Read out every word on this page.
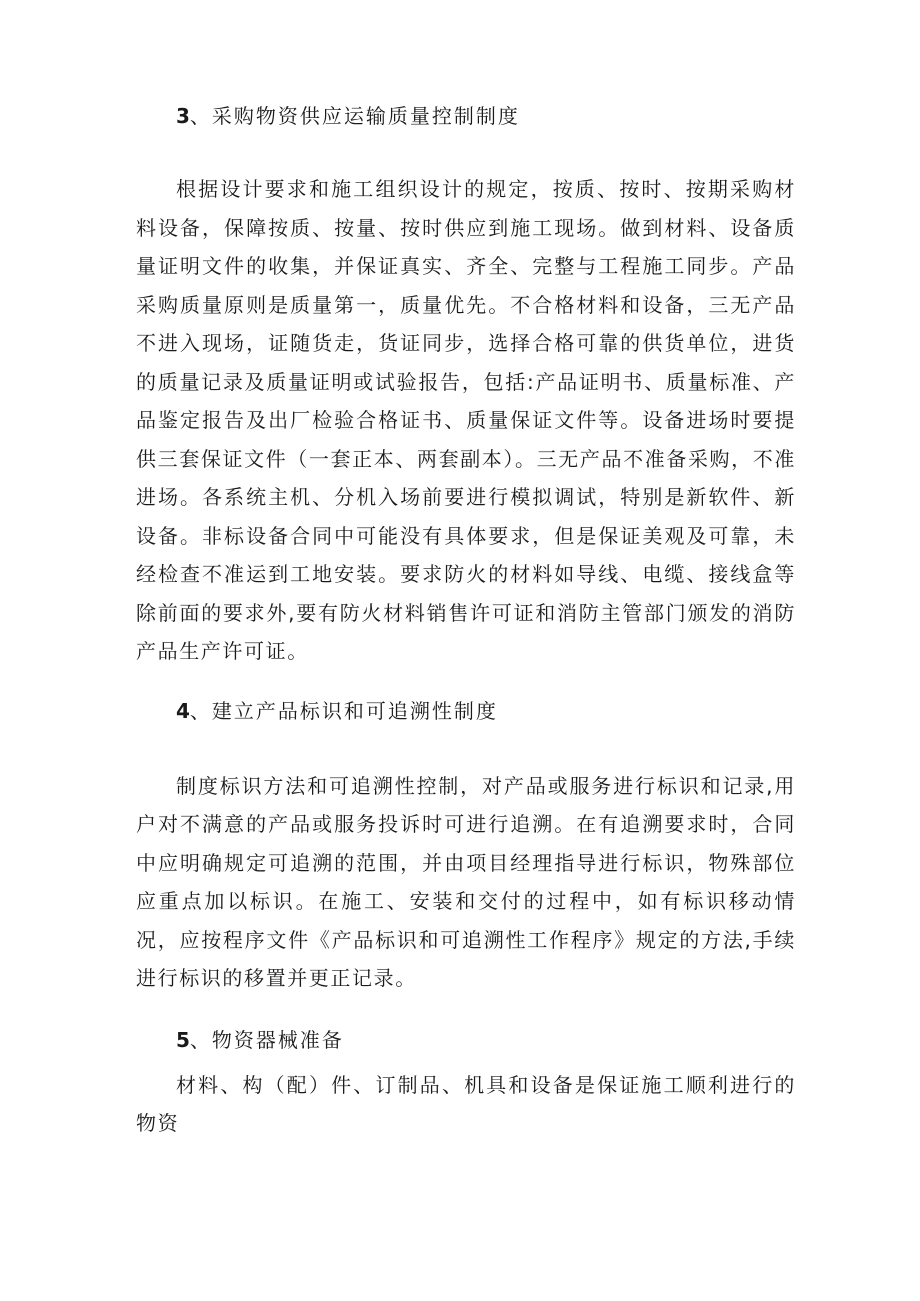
3、采购物资供应运输质量控制制度

根据设计要求和施工组织设计的规定，按质、按时、按期采购材料设备，保障按质、按量、按时供应到施工现场。做到材料、设备质量证明文件的收集，并保证真实、齐全、完整与工程施工同步。产品采购质量原则是质量第一，质量优先。不合格材料和设备，三无产品不进入现场，证随货走，货证同步，选择合格可靠的供货单位，进货的质量记录及质量证明或试验报告，包括:产品证明书、质量标准、产品鉴定报告及出厂检验合格证书、质量保证文件等。设备进场时要提供三套保证文件（一套正本、两套副本）。三无产品不准备采购，不准进场。各系统主机、分机入场前要进行模拟调试，特别是新软件、新设备。非标设备合同中可能没有具体要求，但是保证美观及可靠，未经检查不准运到工地安装。要求防火的材料如导线、电缆、接线盒等除前面的要求外,要有防火材料销售许可证和消防主管部门颁发的消防产品生产许可证。

4、建立产品标识和可追溯性制度

制度标识方法和可追溯性控制，对产品或服务进行标识和记录,用户对不满意的产品或服务投诉时可进行追溯。在有追溯要求时，合同中应明确规定可追溯的范围，并由项目经理指导进行标识，物殊部位应重点加以标识。在施工、安装和交付的过程中，如有标识移动情况，应按程序文件《产品标识和可追溯性工作程序》规定的方法,手续进行标识的移置并更正记录。

5、物资器械准备

材料、构（配）件、订制品、机具和设备是保证施工顺利进行的物资
